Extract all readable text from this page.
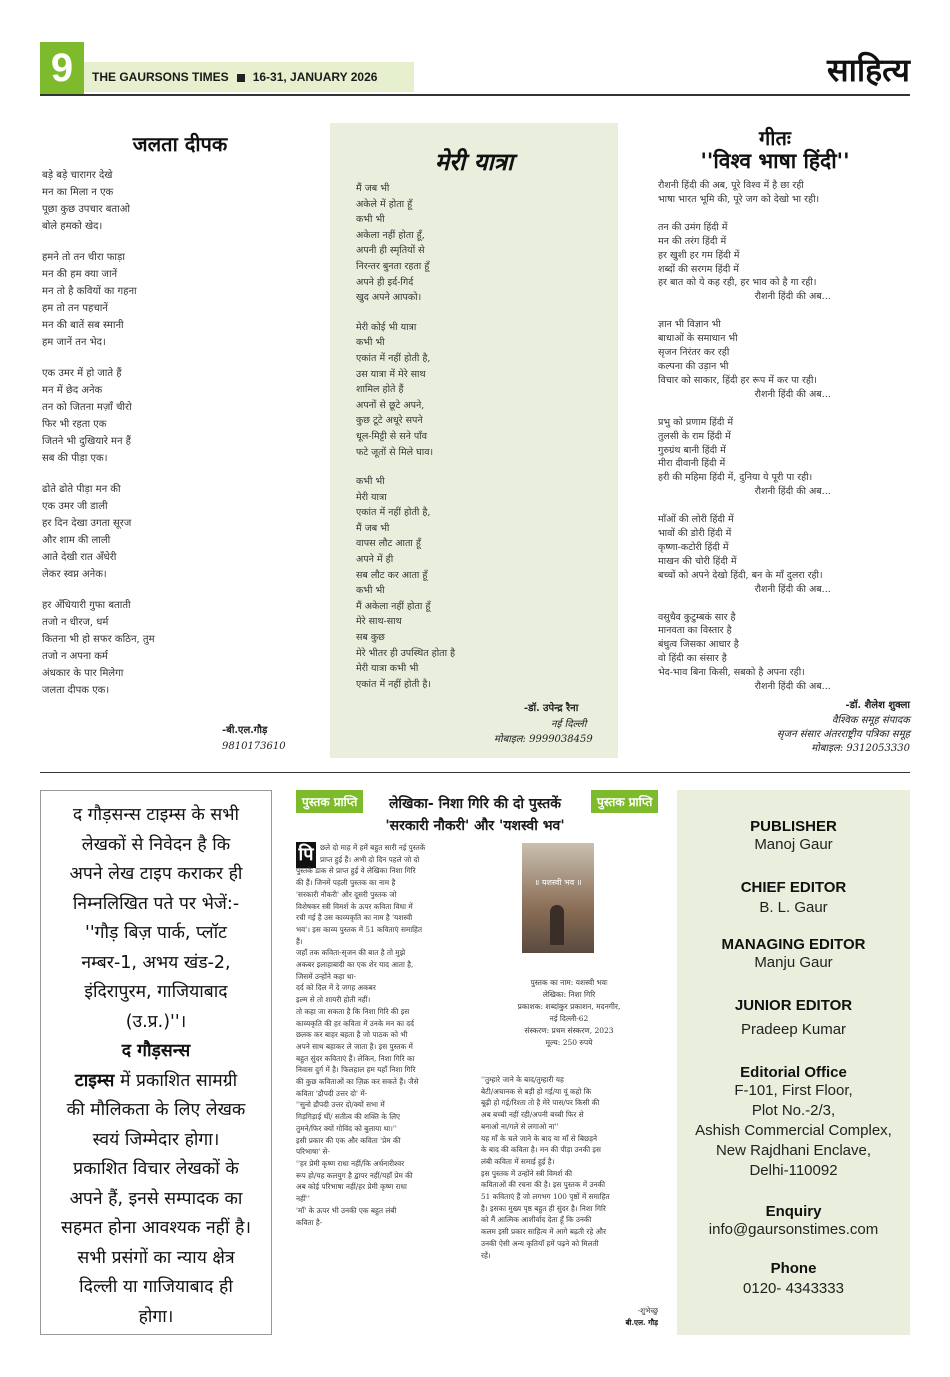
9	THE GAURSONS TIMES 16-31, JANUARY 2026	साहित्य
जलता दीपक
बड़े बड़े चारागर देखे
मन का मिला न एक
पूछा कुछ उपचार बताओ
बोले हमको खेद।
हमने तो तन चीरा फाड़ा
मन की हम क्या जानें
मन तो है कवियों का गहना
हम तो तन पहचानें
मन की बातें सब स्मानी
हम जानें तन भेद।
एक उमर में हो जाते हैं
मन में छेद अनेक
तन को जितना मज़ाँ चीरो
फिर भी रहता एक
जितने भी दुखियारे मन हैं
सब की पीड़ा एक।
ढोते ढोते पीड़ा मन की
एक उमर जी डाली
हर दिन देखा उगता सूरज
और शाम की लाली
आते देखी रात अँधेरी
लेकर स्वप्न अनेक।
हर अँधियारी गुफा बताती
तजो न धीरज, धर्म
कितना भी हो सफर कठिन, तुम
तजो न अपना कर्म
अंधकार के पार मिलेगा
जलता दीपक एक।
-बी.एल.गौड़
9810173610
मेरी यात्रा
मैं जब भी
अकेले में होता हूँ
कभी भी
अकेला नहीं होता हूँ,
अपनी ही स्मृतियों से
निरन्तर बुनता रहता हूँ
अपने ही इर्द-गिर्द
खुद अपने आपको।
मेरी कोई भी यात्रा
कभी भी
एकांत में नहीं होती है,
उस यात्रा में मेरे साथ
शामिल होते हैं
अपनों से छूटे अपने,
कुछ टूटे अधूरे सपने
धूल-मिट्टी से सने पाँव
फटे जूतों से मिले घाव।
कभी भी
मेरी यात्रा
एकांत में नहीं होती है,
मैं जब भी
वापस लौट आता हूँ
अपने में ही
सब लौट कर आता हूँ
कभी भी
मैं अकेला नहीं होता हूँ
मेरे साथ-साथ
सब कुछ
मेरे भीतर ही उपस्थित होता है
मेरी यात्रा कभी भी
एकांत में नहीं होती है।
-डॉ. उपेन्द्र रैना
नई दिल्ली
मोबाइल: 9999038459
गीतः
''विश्व भाषा हिंदी''
रौशनी हिंदी की अब, पूरे विश्व में है छा रही
भाषा भारत भूमि की, पूरे जग को देखो भा रही।
तन की उमंग हिंदी में
मन की तरंग हिंदी में
हर खुशी हर गम हिंदी में
शब्दों की सरगम हिंदी में
हर बात को ये कह रही, हर भाव को है गा रही।
रौशनी हिंदी की अब...
ज्ञान भी विज्ञान भी
बाधाओं के समाधान भी
सृजन निरंतर कर रही
कल्पना की उड़ान भी
विचार को साकार, हिंदी हर रूप में कर पा रही।
रौशनी हिंदी की अब...
प्रभु को प्रणाम हिंदी में
तुलसी के राम हिंदी में
गुरुग्रंथ बानी हिंदी में
मीरा दीवानी हिंदी में
हरी की महिमा हिंदी में, दुनिया ये पूरी पा रही।
रौशनी हिंदी की अब...
माँओं की लोरी हिंदी में
भावों की डोरी हिंदी में
कृष्णा-कटोरी हिंदी में
माखन की चोरी हिंदी में
बच्चों को अपने देखो हिंदी, बन के माँ दुलरा रही।
रौशनी हिंदी की अब...
वसुधैव कुटुम्बकं सार है
मानवता का विस्तार है
बंधुत्व जिसका आधार है
वो हिंदी का संसार है
भेद-भाव बिना किसी, सबको है अपना रही।
रौशनी हिंदी की अब...
-डॉ. शैलेश शुक्ला
वैश्विक समूह संपादक
सृजन संसार अंतरराष्ट्रीय पत्रिका समूह
मोबाइल: 9312053330
द गौड़सन्स टाइम्स के सभी
लेखकों से निवेदन है कि
अपने लेख टाइप कराकर ही
निम्नलिखित पते पर भेजें:-
''गौड़ बिज़ पार्क, प्लॉट
नम्बर-1, अभय खंड-2,
इंदिरापुरम, गाजियाबाद
(उ.प्र.)''।
द गौड़सन्स
टाइम्स में प्रकाशित सामग्री
की मौलिकता के लिए लेखक
स्वयं जिम्मेदार होगा।
प्रकाशित विचार लेखकों के
अपने हैं, इनसे सम्पादक का
सहमत होना आवश्यक नहीं है।
सभी प्रसंगों का न्याय क्षेत्र
दिल्ली या गाजियाबाद ही
होगा।
पुस्तक प्राप्ति	पुस्तक प्राप्ति
लेखिका- निशा गिरि की दो पुस्तकें
'सरकारी नौकरी' और 'यशस्वी भव'
पि छले दो माह में हमें बहुत सारी नई पुस्तकें
प्राप्त हुई हैं। अभी दो दिन पहले जो दो
पुस्तकें डाक से प्राप्त हुई वे लेखिका निशा गिरि
की हैं। जिनमें पहली पुस्तक का नाम है
'सरकारी नौकरी' और दूसरी पुस्तक जो
विशेषकर स्त्री विमर्श के ऊपर कविता विधा में
रची गई है उस काव्यकृति का नाम है 'यशस्वी
भव'। इस काव्य पुस्तक में 51 कविताएं समाहित
हैं।
जहाँ तक कविता-सृजन की बात है तो मुझे
अकबर इलाहाबादी का एक शेर याद आता है,
जिसमें उन्होंने कहा था-
दर्द को दिल में दे जगह अकबर
इल्म से तो शायरी होती नहीं।
तो कहा जा सकता है कि निशा गिरि की इस
काव्यकृति की हर कविता में उनके मन का दर्द
छलक कर बाहर बहता है जो पाठक को भी
अपने साथ बहाकर ले जाता है। इस पुस्तक में
बहुत सुंदर कविताएं हैं। लेकिन, निशा गिरि का
निवास दुर्ग में है। फिलहाल हम यहाँ निशा गिरि
की कुछ कविताओं का ज़िक्र कर सकते हैं। जैसे
कविता 'द्रौपदी उत्तर दो' में-
''सुनो द्रौपदी उत्तर दो/क्यों सभा में
गिड़गिड़ाई थीं/ सतीत्व की शक्ति के लिए
तुमने/फिर क्यों गोविंद को बुलाया था।''
इसी प्रकार की एक और कविता 'प्रेम की
परिभाषा' से-
''हर प्रेमी कृष्ण राधा नहीं/कि अर्धनारीश्वर
रूप हो/यह कलयुग है द्वापर नहीं/यहाँ प्रेम की
अब कोई परिभाषा नहीं/हर प्रेमी कृष्ण राधा
नहीं''
'माँ' के ऊपर भी उनकी एक बहुत लंबी
कविता है-
॥ यशस्वी भव ॥
पुस्तक का नाम: यशस्वी भवः
लेखिका: निशा गिरि
प्रकाशक: शब्दांकुर प्रकाशन, मदनगीर,
नई दिल्ली-62
संस्करण: प्रथम संस्करण, 2023
मूल्य: 250 रुपये
''तुम्हारे जाने के बाद/तुम्हारी यह
बेटी/अचानक से बड़ी हो गई/या यूं कहो कि
बूढ़ी हो गई/रिश्ता तो है मेरे पास/पर किसी की
अब बच्ची नहीं रही/अपनी बच्ची फिर से
बनाओ ना/गले से लगाओ ना''
यह माँ के चले जाने के बाद या माँ से बिछड़ने
के बाद की कविता है। मन की पीड़ा उनकी इस
लंबी कविता में समाई हुई है।
इस पुस्तक में उन्होंने स्त्री विमर्श की
कविताओं की रचना की है। इस पुस्तक में उनकी
51 कविताएं हैं जो लगभग 100 पृष्ठों में समाहित
है। इसका मुख्य पृष्ठ बहुत ही सुंदर है। निशा गिरि
को मैं आत्मिक आशीर्वाद देता हूँ कि उनकी
कलम इसी प्रकार साहित्य में आगे बढ़ती रहे और
उनकी ऐसी अन्य कृतियाँ हमें पढ़ने को मिलती
रहें।
-शुभेच्छु
बी.एल. गौड़
PUBLISHER
Manoj Gaur
CHIEF EDITOR
B. L. Gaur
MANAGING EDITOR
Manju Gaur
JUNIOR EDITOR
Pradeep Kumar
Editorial Office
F-101, First Floor,
Plot No.-2/3,
Ashish Commercial Complex,
New Rajdhani Enclave,
Delhi-110092
Enquiry
info@gaursonstimes.com
Phone
0120- 4343333
